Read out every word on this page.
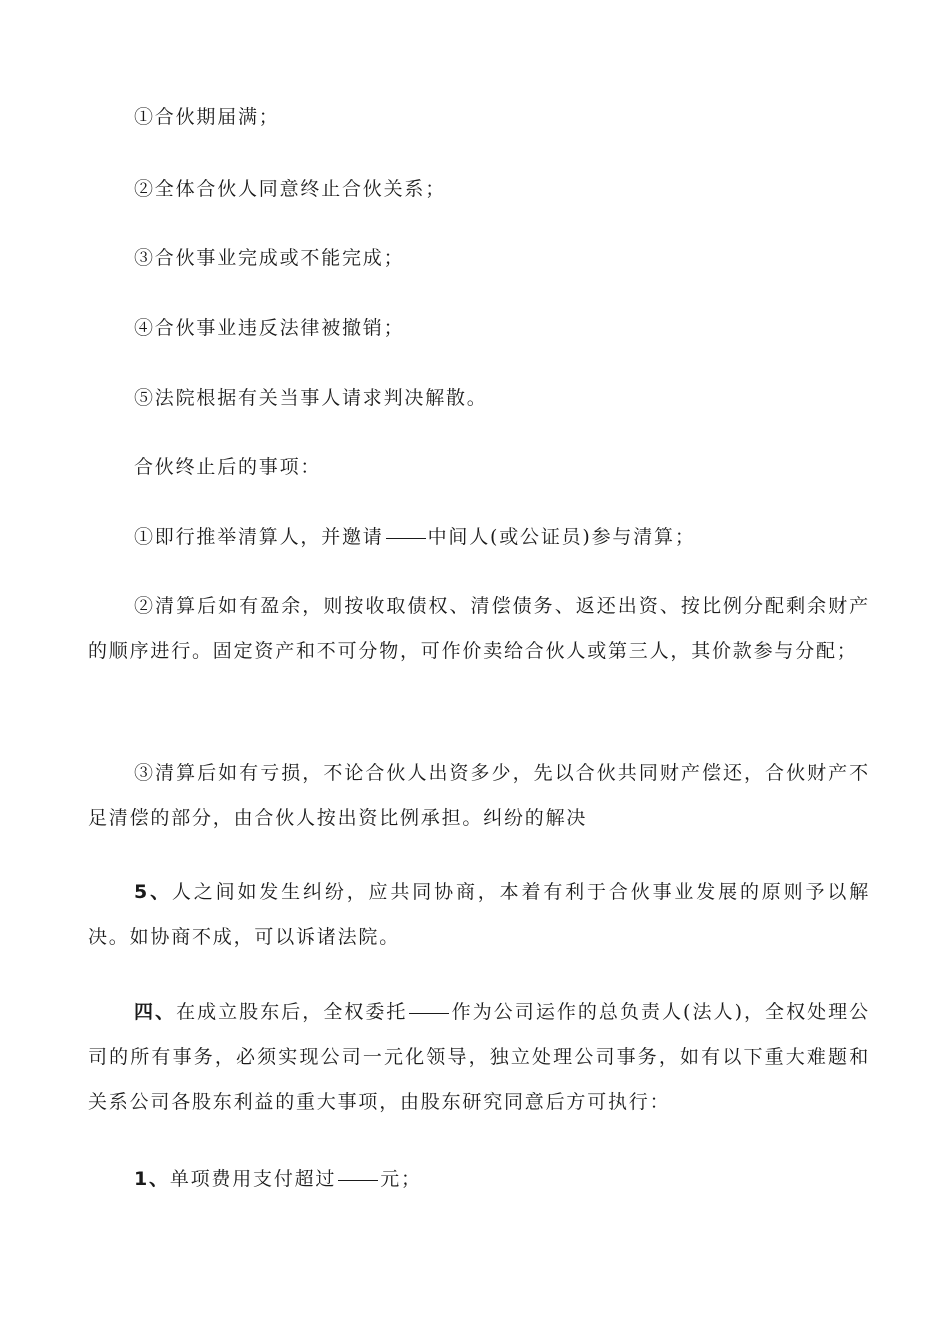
①合伙期届满；

②全体合伙人同意终止合伙关系；

③合伙事业完成或不能完成；

④合伙事业违反法律被撤销；

⑤法院根据有关当事人请求判决解散。

合伙终止后的事项：

①即行推举清算人，并邀请 中间人(或公证员)参与清算；

②清算后如有盈余，则按收取债权、清偿债务、返还出资、按比例分配剩余财产的顺序进行。固定资产和不可分物，可作价卖给合伙人或第三人，其价款参与分配；

③清算后如有亏损，不论合伙人出资多少，先以合伙共同财产偿还，合伙财产不足清偿的部分，由合伙人按出资比例承担。纠纷的解决

5、人之间如发生纠纷，应共同协商，本着有利于合伙事业发展的原则予以解决。如协商不成，可以诉诸法院。

四、在成立股东后，全权委托 作为公司运作的总负责人(法人)，全权处理公司的所有事务，必须实现公司一元化领导，独立处理公司事务，如有以下重大难题和关系公司各股东利益的重大事项，由股东研究同意后方可执行：

1、单项费用支付超过 元；
